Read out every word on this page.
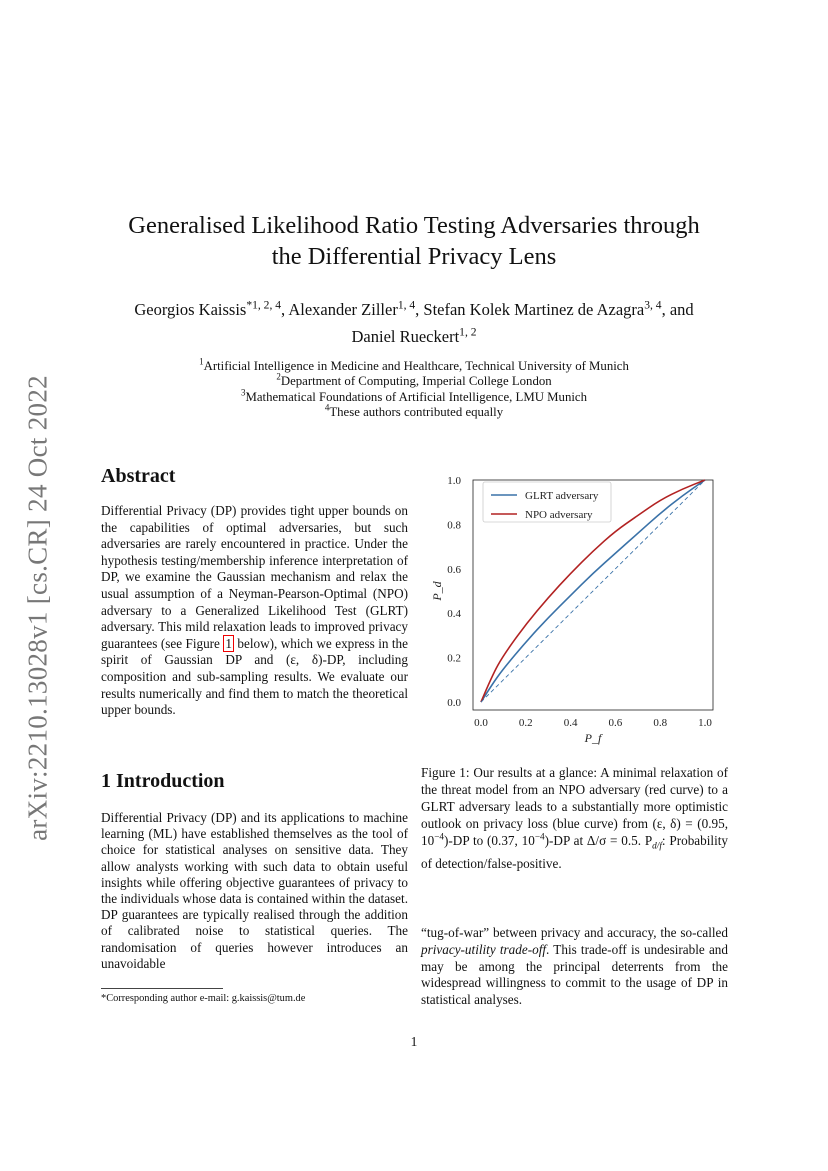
arXiv:2210.13028v1 [cs.CR] 24 Oct 2022
Generalised Likelihood Ratio Testing Adversaries through
the Differential Privacy Lens
Georgios Kaissis$^{*1, 2, 4}$, Alexander Ziller$^{1, 4}$, Stefan Kolek Martinez de Azagra$^{3, 4}$, and
Daniel Rueckert$^{1, 2}$
$^1$Artificial Intelligence in Medicine and Healthcare, Technical University of Munich
$^2$Department of Computing, Imperial College London
$^3$Mathematical Foundations of Artificial Intelligence, LMU Munich
$^4$These authors contributed equally
Abstract
Differential Privacy (DP) provides tight upper bounds on the capabilities of optimal adversaries, but such adversaries are rarely encountered in practice. Under the hypothesis testing/membership inference interpretation of DP, we examine the Gaussian mechanism and relax the usual assumption of a Neyman-Pearson-Optimal (NPO) adversary to a Generalized Likelihood Test (GLRT) adversary. This mild relaxation leads to improved privacy guarantees (see Figure 1 below), which we express in the spirit of Gaussian DP and (ε, δ)-DP, including composition and sub-sampling results. We evaluate our results numerically and find them to match the theoretical upper bounds.
1 Introduction
Differential Privacy (DP) and its applications to machine learning (ML) have established themselves as the tool of choice for statistical analyses on sensitive data. They allow analysts working with such data to obtain useful insights while offering objective guarantees of privacy to the individuals whose data is contained within the dataset. DP guarantees are typically realised through the addition of calibrated noise to statistical queries. The randomisation of queries however introduces an unavoidable
0.0	0.2	0.4	0.6	0.8	1.0
0.0
0.2
0.4
0.6
0.8
1.0
P_f
P_d
GLRT adversary
NPO adversary
Figure 1: Our results at a glance: A minimal relaxation of the threat model from an NPO adversary (red curve) to a GLRT adversary leads to a substantially more optimistic outlook on privacy loss (blue curve) from (ε, δ) = (0.95, $10^{-4})-DP$ to (0.37, $10^{-4})-DP$ at Δ/σ = 0.5. $P_{d/f}$: Probability of detection/false-positive.
“tug-of-war” between privacy and accuracy, the so-called privacy-utility trade-off. This trade-off is undesirable and may be among the principal deterrents from the widespread willingness to commit to the usage of DP in statistical analyses.
*Corresponding author e-mail: g.kaissis@tum.de
1
